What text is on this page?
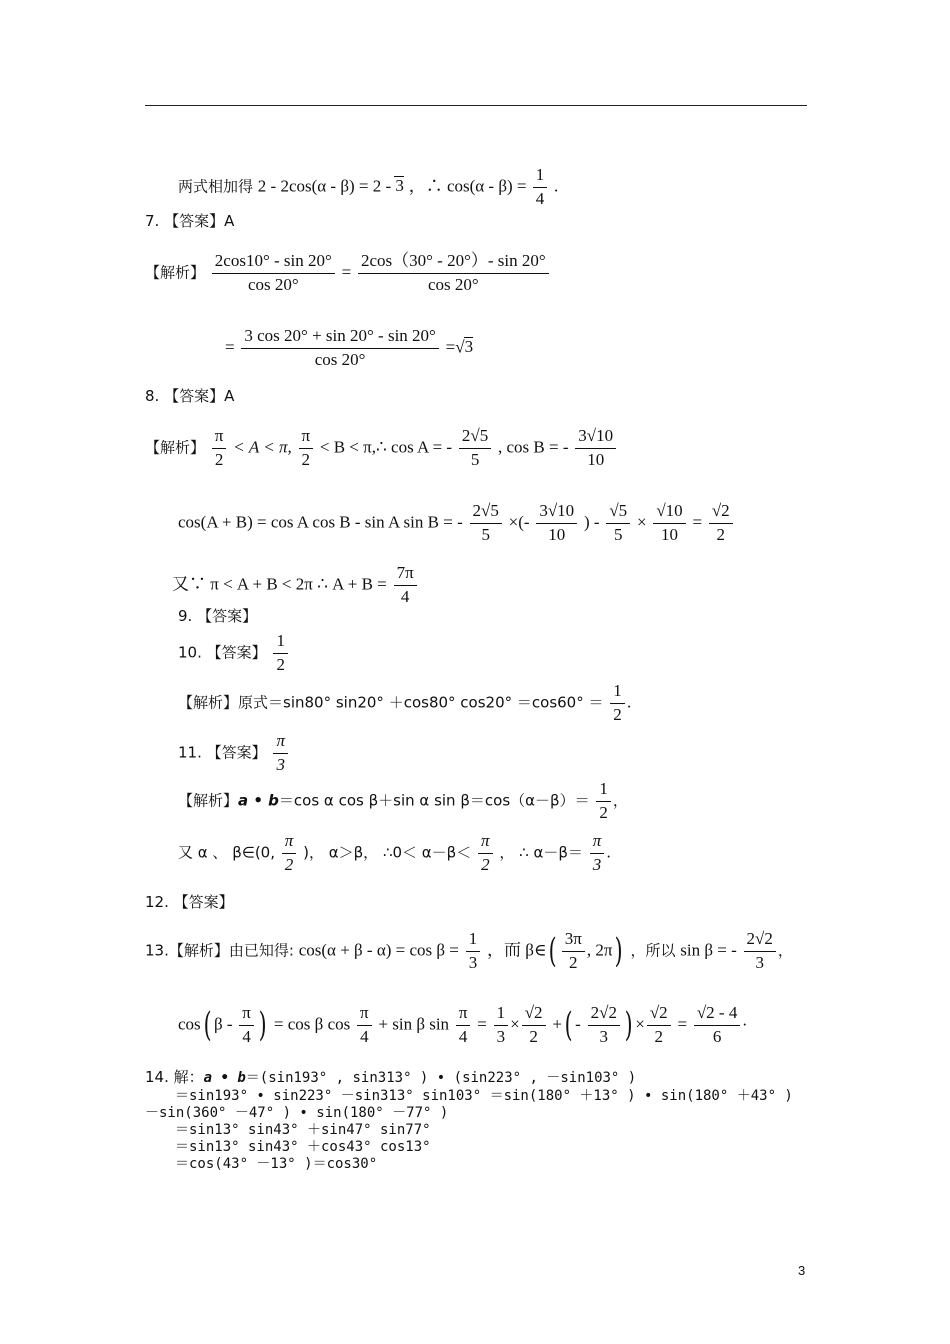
两式相加得 2 - 2cos(α - β) = 2 - 3 ，∴ $\cos(\alpha - \beta) = \frac{1}{4}$ .
7. 【答案】A
【解析】 $\frac{2\cos 10^\circ - \sin 20^\circ}{\cos 20^\circ} = \frac{2\cos(30^\circ - 20^\circ)- \sin 20^\circ}{\cos 20^\circ}$
= $\frac{3 \cos 20^\circ + \sin 20^\circ - \sin 20^\circ}{\cos 20^\circ} =√3$
8. 【答案】A
【解析】 $\frac{\pi}{2} < A < \pi$, $\frac{\pi}{2} < B$ < π,∴ cos A = - $\frac{2√5}{5}$ , cos B = - $\frac{3√10}{10}$
cos(A + B) = cos A cos B - sin A sin B = - $\frac{2√5}{5}$ ×(- $\frac{3√10}{10}$ ) - $\frac{√5}{5} \times \frac{√10}{10} = \frac{√2}{2}$
又∵ π < A + B < 2π ∴ $A + B = \frac{7\pi}{4}$
9. 【答案】
10. 【答案】 $\frac{1}{2}$
【解析】原式＝sin80° sin20° ＋cos80° $\cos 20^\circ =\cos 60^\circ = \frac{1}{2}$ .
11. 【答案】 $\frac{\pi}{3}$
【解析】a • b＝cos α cos β＋sin α $\sin \beta=\cos(\alpha-\beta)= \frac{1}{2}$ ，
又 α 、 β∈(0, $\frac{\pi}{2}$ )， α＞β， ∴0＜ $\alpha-\beta< \frac{\pi}{2}$ ， ∴ $\alpha-\beta= \frac{\pi}{3}$ .
12. 【答案】
13.【解析】由已知得: $\cos(\alpha + \beta - \alpha) = \cos \beta = \frac{1}{3}$ ，而 β∈( $\frac{3\pi}{2}$ , 2π) ，所以 sin β = - $\frac{2√2}{3}$ ，
cos( β - $\frac{\pi}{4}$ ) = cos β $\cos \frac{\pi}{4} + \sin \beta$ $\sin \frac{\pi}{4} = \frac{1}{3} \times \frac{√2}{2}$ +( - $\frac{2√2}{3}$ ) × $\frac{√2}{2} = \frac{√2 - 4}{6}$ ·
14. 解：a • b＝(sin193° , sin313° ) • (sin223° , －sin103° )
＝sin193° • sin223° －sin313° sin103° ＝sin(180° ＋13° ) • sin(180° ＋43° )
－sin(360° －47° ) • sin(180° －77° )
＝sin13° sin43° ＋sin47° sin77°
＝sin13° sin43° ＋cos43° cos13°
＝cos(43° －13° )＝cos30°
3
